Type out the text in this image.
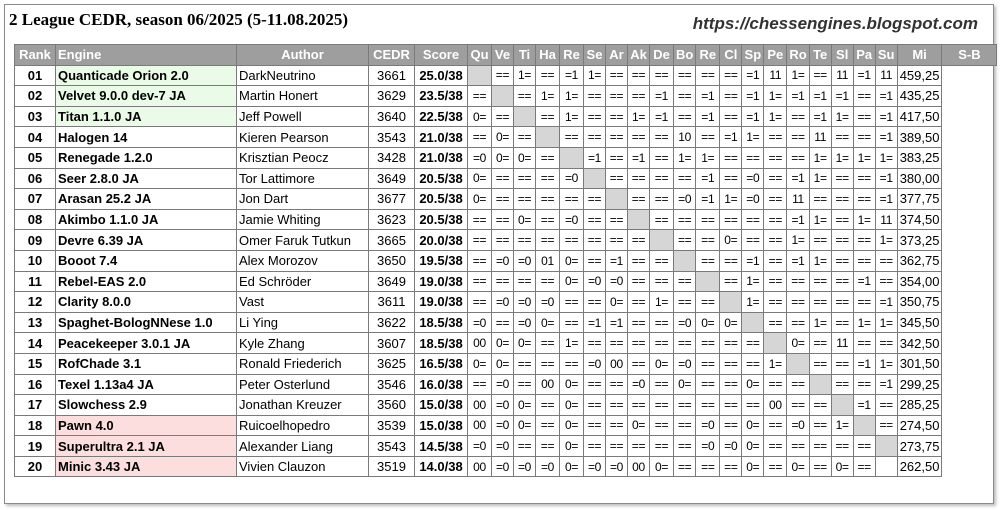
2 League CEDR, season 06/2025 (5-11.08.2025)	https://chessengines.blogspot.com
Rank	Engine	Author	CEDR	Score	Qu	Ve	Ti	Ha	Re	Se	Ar	Ak	De	Bo	Re	Cl	Sp	Pe	Ro	Te	Sl	Pa	Su	Mi	S-B
01	Quanticade Orion 2.0	DarkNeutrino	3661	25.0/38		==	1=	==	=1	1=	==	==	==	==	==	==	=1	11	1=	==	11	=1	11	459,25	
02	Velvet 9.0.0 dev-7 JA	Martin Honert	3629	23.5/38	==		==	1=	1=	==	==	==	=1	==	=1	==	=1	1=	=1	=1	=1	==	=1	435,25	
03	Titan 1.1.0 JA	Jeff Powell	3640	22.5/38	0=	==		==	1=	==	==	1=	=1	==	=1	==	=1	1=	==	=1	1=	==	=1	417,50	
04	Halogen 14	Kieren Pearson	3543	21.0/38	==	0=	==		==	==	==	==	==	10	==	=1	1=	==	==	11	==	==	=1	389,50	
05	Renegade 1.2.0	Krisztian Peocz	3428	21.0/38	=0	0=	0=	==		=1	==	=1	==	1=	1=	==	==	==	==	1=	1=	1=	1=	383,25	
06	Seer 2.8.0 JA	Tor Lattimore	3649	20.5/38	0=	==	==	==	=0		==	==	==	==	=1	==	=0	==	=1	1=	==	==	=1	380,00	
07	Arasan 25.2 JA	Jon Dart	3677	20.5/38	0=	==	==	==	==	==		==	==	=0	=1	1=	=0	==	11	==	==	==	=1	377,75	
08	Akimbo 1.1.0 JA	Jamie Whiting	3623	20.5/38	==	==	0=	==	=0	==	==		==	==	==	==	==	==	=1	1=	==	1=	11	374,50	
09	Devre 6.39 JA	Omer Faruk Tutkun	3665	20.0/38	==	==	==	==	==	==	==	==		==	==	0=	==	==	1=	==	==	==	1=	373,25	
10	Booot 7.4	Alex Morozov	3650	19.5/38	==	=0	=0	01	0=	==	=1	==	==		==	==	=1	==	=1	1=	==	==	==	362,75	
11	Rebel-EAS 2.0	Ed Schröder	3649	19.0/38	==	==	==	==	0=	=0	=0	==	==	==		==	1=	==	==	==	==	=1	==	354,00	
12	Clarity 8.0.0	Vast	3611	19.0/38	==	=0	=0	=0	==	==	0=	==	1=	==	==		1=	==	==	==	==	==	=1	350,75	
13	Spaghet-BologNNese 1.0	Li Ying	3622	18.5/38	=0	==	=0	0=	==	=1	=1	==	==	=0	0=	0=		==	==	1=	==	1=	1=	345,50	
14	Peacekeeper 3.0.1 JA	Kyle Zhang	3607	18.5/38	00	0=	0=	==	1=	==	==	==	==	==	==	==	==		0=	==	11	==	==	342,50	
15	RofChade 3.1	Ronald Friederich	3625	16.5/38	0=	0=	==	==	==	=0	00	==	0=	=0	==	==	==	1=		==	==	=1	1=	301,50	
16	Texel 1.13a4 JA	Peter Osterlund	3546	16.0/38	==	=0	==	00	0=	==	==	=0	==	0=	==	==	0=	==	==		==	==	=1	299,25	
17	Slowchess 2.9	Jonathan Kreuzer	3560	15.0/38	00	=0	0=	==	0=	==	==	==	==	==	==	==	==	00	==	==		=1	==	285,25	
18	Pawn 4.0	Ruicoelhopedro	3539	15.0/38	00	=0	0=	==	0=	==	==	0=	==	==	=0	==	0=	==	=0	==	1=		==	274,50	
19	Superultra 2.1 JA	Alexander Liang	3543	14.5/38	=0	=0	==	==	0=	==	==	==	==	==	=0	=0	0=	==	==	==	==	==		273,75	
20	Minic 3.43 JA	Vivien Clauzon	3519	14.0/38	00	=0	=0	=0	0=	=0	=0	00	0=	==	==	==	0=	==	0=	==	0=	==		262,50	
